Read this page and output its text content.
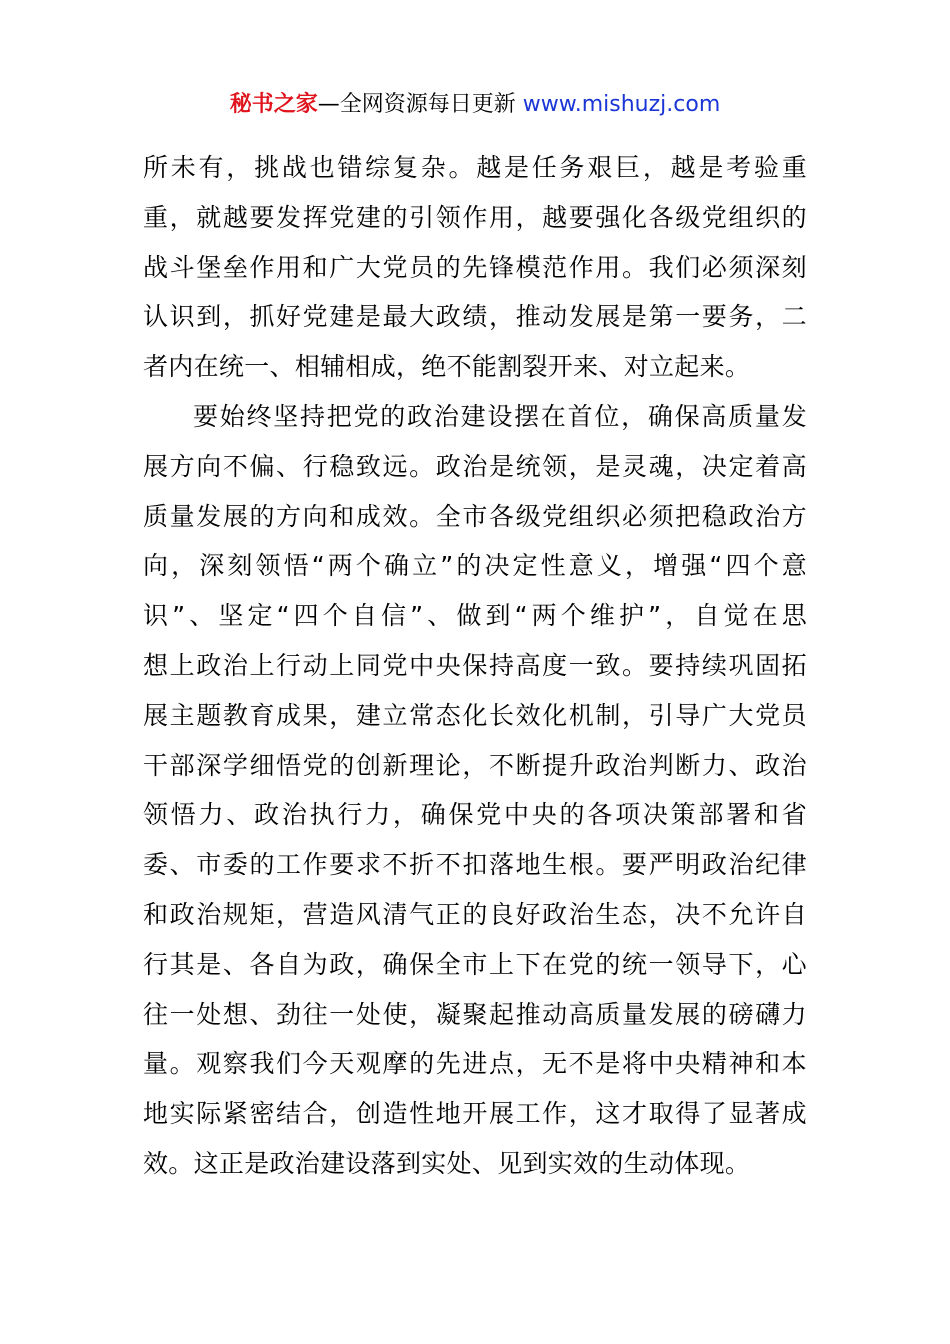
秘书之家—全网资源每日更新 www.mishuzj.com
所未有，挑战也错综复杂。越是任务艰巨，越是考验重
重，就越要发挥党建的引领作用，越要强化各级党组织的
战斗堡垒作用和广大党员的先锋模范作用。我们必须深刻
认识到，抓好党建是最大政绩，推动发展是第一要务，二
者内在统一、相辅相成，绝不能割裂开来、对立起来。
要始终坚持把党的政治建设摆在首位，确保高质量发
展方向不偏、行稳致远。政治是统领，是灵魂，决定着高
质量发展的方向和成效。全市各级党组织必须把稳政治方
向，深刻领悟“两个确立”的决定性意义，增强“四个意
识”、坚定“四个自信”、做到“两个维护”，自觉在思
想上政治上行动上同党中央保持高度一致。要持续巩固拓
展主题教育成果，建立常态化长效化机制，引导广大党员
干部深学细悟党的创新理论，不断提升政治判断力、政治
领悟力、政治执行力，确保党中央的各项决策部署和省
委、市委的工作要求不折不扣落地生根。要严明政治纪律
和政治规矩，营造风清气正的良好政治生态，决不允许自
行其是、各自为政，确保全市上下在党的统一领导下，心
往一处想、劲往一处使，凝聚起推动高质量发展的磅礴力
量。观察我们今天观摩的先进点，无不是将中央精神和本
地实际紧密结合，创造性地开展工作，这才取得了显著成
效。这正是政治建设落到实处、见到实效的生动体现。
